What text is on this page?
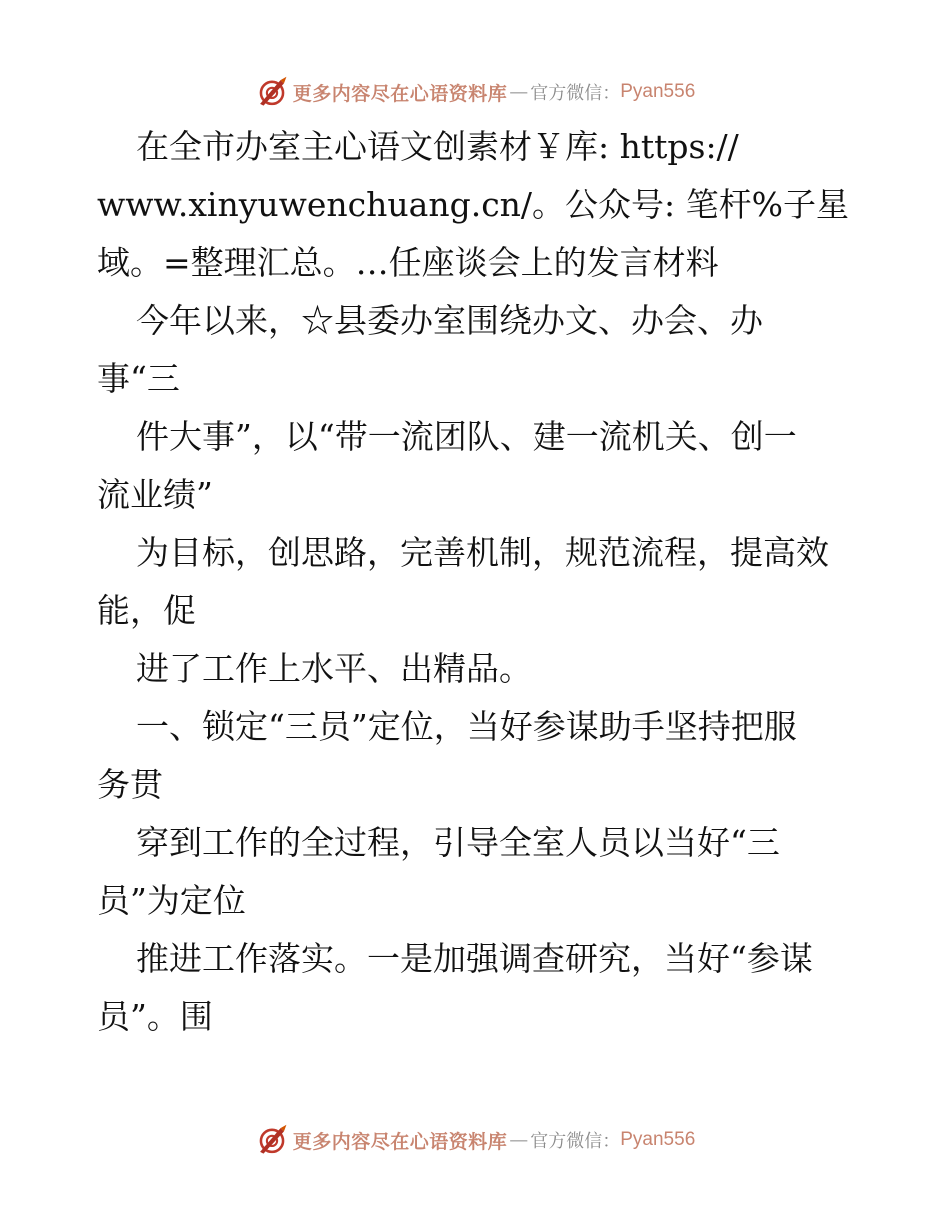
更多内容尽在心语资料库 — 官方微信： Pyan556
在全市办室主心语文创素材￥库: https://
www.xinyuwenchuang.cn/。公众号: 笔杆%子星
域。=整理汇总。…任座谈会上的发言材料
今年以来，☆县委办室围绕办文、办会、办
事“三
件大事”，以“带一流团队、建一流机关、创一
流业绩”
为目标，创思路，完善机制，规范流程，提高效
能，促
进了工作上水平、出精品。
一、锁定“三员”定位，当好参谋助手坚持把服
务贯
穿到工作的全过程，引导全室人员以当好“三
员”为定位
推进工作落实。一是加强调查研究，当好“参谋
员”。围
更多内容尽在心语资料库 — 官方微信： Pyan556
